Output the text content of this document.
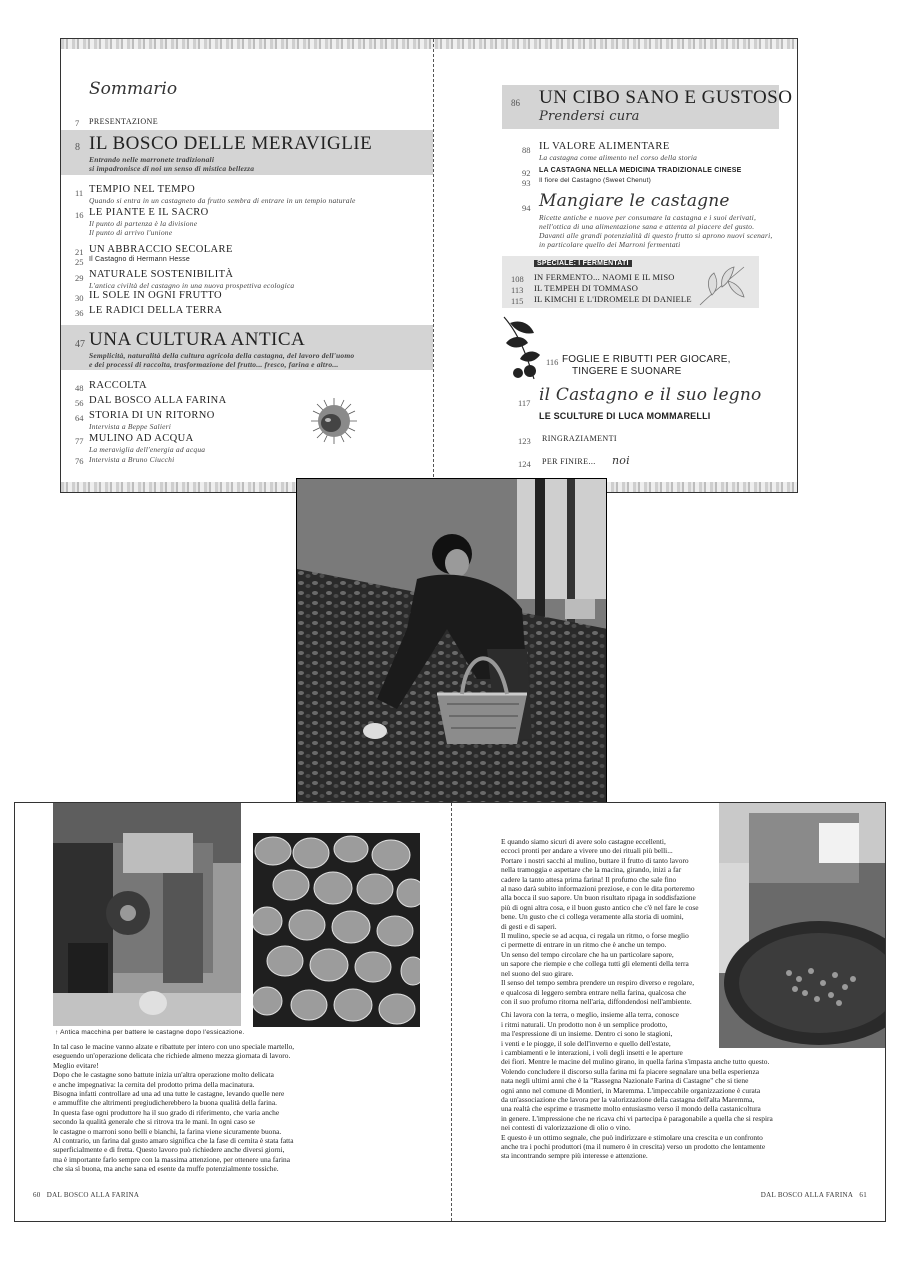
Sommario
7 PRESENTAZIONE
8 IL BOSCO DELLE MERAVIGLIE
Entrando nelle marronete tradizionali
si impadronisce di noi un senso di mistica bellezza
11 TEMPIO NEL TEMPO
Quando si entra in un castagneto da frutto sembra di entrare in un tempio naturale
16 LE PIANTE E IL SACRO
Il punto di partenza è la divisione
Il punto di arrivo l'unione
21 UN ABBRACCIO SECOLARE
25 Il Castagno di Hermann Hesse
29 NATURALE SOSTENIBILITÀ
L'antica civiltà del castagno in una nuova prospettiva ecologica
30 IL SOLE IN OGNI FRUTTO
36 LE RADICI DELLA TERRA
47 UNA CULTURA ANTICA
Semplicità, naturalità della cultura agricola della castagna, del lavoro dell'uomo
e dei processi di raccolta, trasformazione del frutto... fresco, farina e altro...
48 RACCOLTA
56 DAL BOSCO ALLA FARINA
64 STORIA DI UN RITORNO
Intervista a Beppe Salieri
77 MULINO AD ACQUA
La meraviglia dell'energia ad acqua
76 Intervista a Bruno Ciucchi
86 UN CIBO SANO E GUSTOSO
Prendersi cura
88 IL VALORE ALIMENTARE
La castagna come alimento nel corso della storia
92 LA CASTAGNA NELLA MEDICINA TRADIZIONALE CINESE
93 Il fiore del Castagno (Sweet Chenut)
94 Mangiare le castagne
Ricette antiche e nuove per consumare la castagna e i suoi derivati,
nell'ottica di una alimentazione sana e attenta al piacere del gusto.
Davanti alle grandi potenzialità di questo frutto si aprono nuovi scenari,
in particolare quello dei Marroni fermentati
SPECIALE: I FERMENTATI
108 IN FERMENTO... NAOMI E IL MISO
113 IL TEMPEH DI TOMMASO
115 IL KIMCHI E L'IDROMELE DI DANIELE
116 FOGLIE E RIBUTTI PER GIOCARE,
TINGERE E SUONARE
117 il Castagno e il suo legno
LE SCULTURE DI LUCA MOMMARELLI
123 RINGRAZIAMENTI
124 PER FINIRE... noi
↑ Antica macchina per battere le castagne dopo l'essicazione.

In tal caso le macine vanno alzate e ribattute per intero con uno speciale martello,

eseguendo un'operazione delicata che richiede almeno mezza giornata di lavoro.

Meglio evitare!

Dopo che le castagne sono battute inizia un'altra operazione molto delicata

e anche impegnativa: la cernita del prodotto prima della macinatura.

Bisogna infatti controllare ad una ad una tutte le castagne, levando quelle nere

e ammuffite che altrimenti pregiudicherebbero la buona qualità della farina.

In questa fase ogni produttore ha il suo grado di riferimento, che varia anche

secondo la qualità generale che si ritrova tra le mani. In ogni caso se

le castagne o marroni sono belli e bianchi, la farina viene sicuramente buona.

Al contrario, un farina dal gusto amaro significa che la fase di cernita è stata fatta

superficialmente e di fretta. Questo lavoro può richiedere anche diversi giorni,

ma è importante farlo sempre con la massima attenzione, per ottenere una farina

che sia sì buona, ma anche sana ed esente da muffe potenzialmente tossiche.

60 DAL BOSCO ALLA FARINA

E quando siamo sicuri di avere solo castagne eccellenti,

eccoci pronti per andare a vivere uno dei rituali più belli...

Portare i nostri sacchi al mulino, buttare il frutto di tanto lavoro

nella tramoggia e aspettare che la macina, girando, inizi a far

cadere la tanto attesa prima farina! Il profumo che sale fino

al naso darà subito informazioni preziose, e con le dita porteremo

alla bocca il suo sapore. Un buon risultato ripaga in soddisfazione

più di ogni altra cosa, e il buon gusto antico che c'è nel fare le cose

bene. Un gusto che ci collega veramente alla storia di uomini,

di gesti e di saperi.

Il mulino, specie se ad acqua, ci regala un ritmo, o forse meglio

ci permette di entrare in un ritmo che è anche un tempo.

Un senso del tempo circolare che ha un particolare sapore,

un sapore che riempie e che collega tutti gli elementi della terra

nel suono del suo girare.

Il senso del tempo sembra prendere un respiro diverso e regolare,

e qualcosa di leggero sembra entrare nella farina, qualcosa che

con il suo profumo ritorna nell'aria, diffondendosi nell'ambiente.

Chi lavora con la terra, o meglio, insieme alla terra, conosce

i ritmi naturali. Un prodotto non è un semplice prodotto,

ma l'espressione di un insieme. Dentro ci sono le stagioni,

i venti e le piogge, il sole dell'inverno e quello dell'estate,

i cambiamenti e le interazioni, i voli degli insetti e le aperture

dei fiori. Mentre le macine del mulino girano, in quella farina s'impasta anche tutto questo.

Volendo concludere il discorso sulla farina mi fa piacere segnalare una bella esperienza

nata negli ultimi anni che è la "Rassegna Nazionale Farina di Castagne" che si tiene

ogni anno nel comune di Montieri, in Maremma. L'impeccabile organizzazione è curata

da un'associazione che lavora per la valorizzazione della castagna dell'alta Maremma,

una realtà che esprime e trasmette molto entusiasmo verso il mondo della castanicoltura

in genere. L'impressione che ne ricava chi vi partecipa è paragonabile a quella che si respira

nei contesti di valorizzazione di olio o vino.

E questo è un ottimo segnale, che può indirizzare e stimolare una crescita e un confronto

anche tra i pochi produttori (ma il numero è in crescita) verso un prodotto che lentamente

sta incontrando sempre più interesse e attenzione.

DAL BOSCO ALLA FARINA 61
